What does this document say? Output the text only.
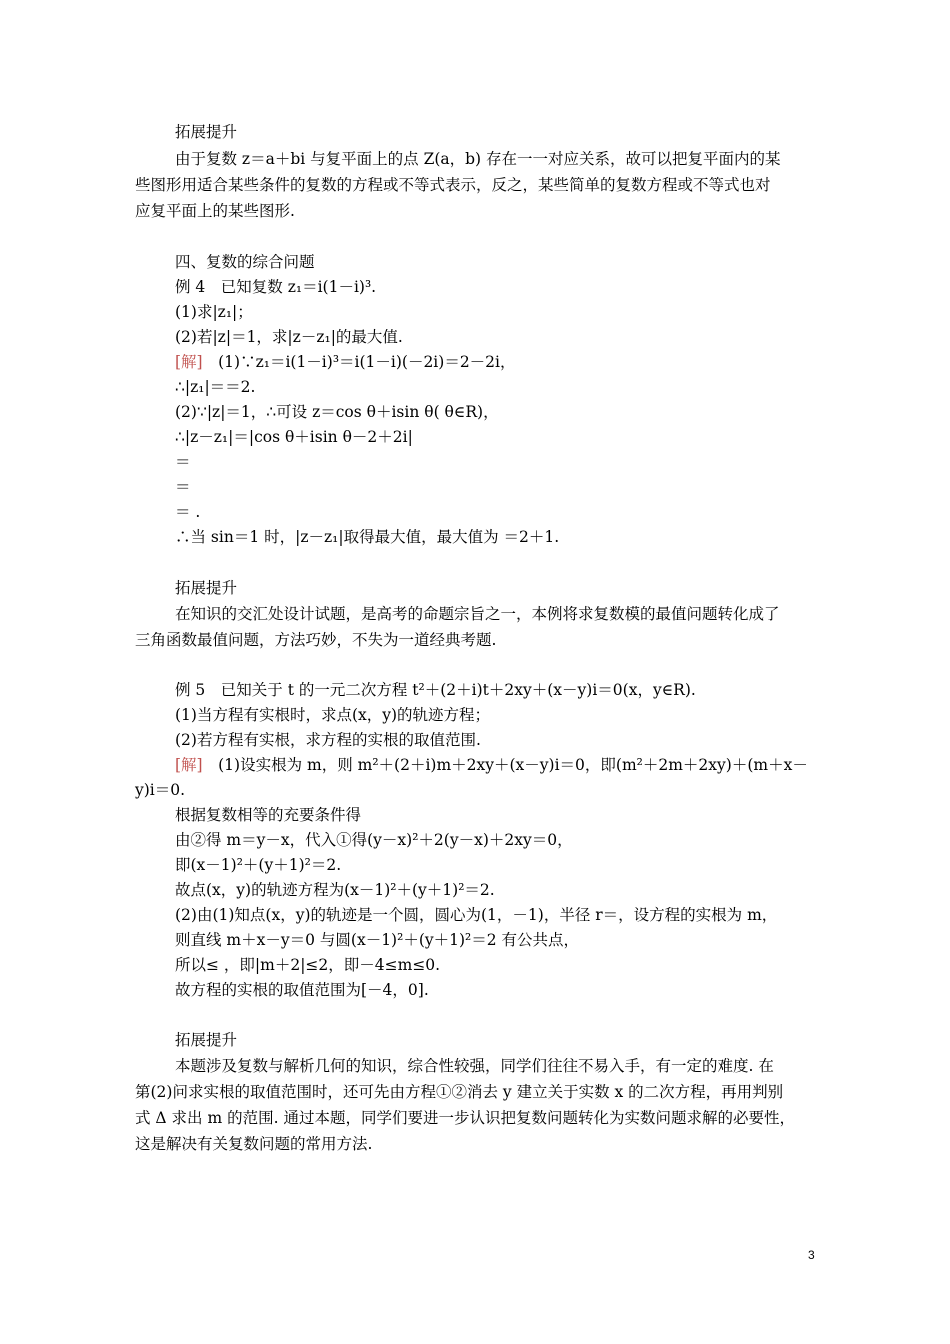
拓展提升

由于复数 z＝a＋bi 与复平面上的点 Z(a，b) 存在一一对应关系，故可以把复平面内的某

些图形用适合某些条件的复数的方程或不等式表示，反之，某些简单的复数方程或不等式也对

应复平面上的某些图形.

四、复数的综合问题

例 4　已知复数 z₁＝i(1－i)³.

(1)求|z₁|；

(2)若|z|＝1，求|z－z₁|的最大值.

[解]　(1)∵z₁＝i(1－i)³＝i(1－i)(－2i)＝2－2i，

∴|z₁|＝＝2.

(2)∵|z|＝1，∴可设 z＝cos θ＋isin θ( θ∈R)，

∴|z－z₁|＝|cos θ＋isin θ－2＋2i|

＝

＝

＝ .

∴当 sin＝1 时，|z－z₁|取得最大值，最大值为 ＝2＋1.

拓展提升

在知识的交汇处设计试题，是高考的命题宗旨之一，本例将求复数模的最值问题转化成了

三角函数最值问题，方法巧妙，不失为一道经典考题.

例 5　已知关于 t 的一元二次方程 t²＋(2＋i)t＋2xy＋(x－y)i＝0(x，y∈R).

(1)当方程有实根时，求点(x，y)的轨迹方程；

(2)若方程有实根，求方程的实根的取值范围.

[解]　(1)设实根为 m，则 m²＋(2＋i)m＋2xy＋(x－y)i＝0，即(m²＋2m＋2xy)＋(m＋x－

y)i＝0.

根据复数相等的充要条件得

由②得 m＝y－x，代入①得(y－x)²＋2(y－x)＋2xy＝0，

即(x－1)²＋(y＋1)²＝2.

故点(x，y)的轨迹方程为(x－1)²＋(y＋1)²＝2.

(2)由(1)知点(x，y)的轨迹是一个圆，圆心为(1，－1)，半径 r＝，设方程的实根为 m，

则直线 m＋x－y＝0 与圆(x－1)²＋(y＋1)²＝2 有公共点，

所以≤ ，即|m＋2|≤2，即－4≤m≤0.

故方程的实根的取值范围为[－4，0].

拓展提升

本题涉及复数与解析几何的知识，综合性较强，同学们往往不易入手，有一定的难度. 在

第(2)问求实根的取值范围时，还可先由方程①②消去 y 建立关于实数 x 的二次方程，再用判别

式 Δ 求出 m 的范围. 通过本题，同学们要进一步认识把复数问题转化为实数问题求解的必要性，

这是解决有关复数问题的常用方法.

3
